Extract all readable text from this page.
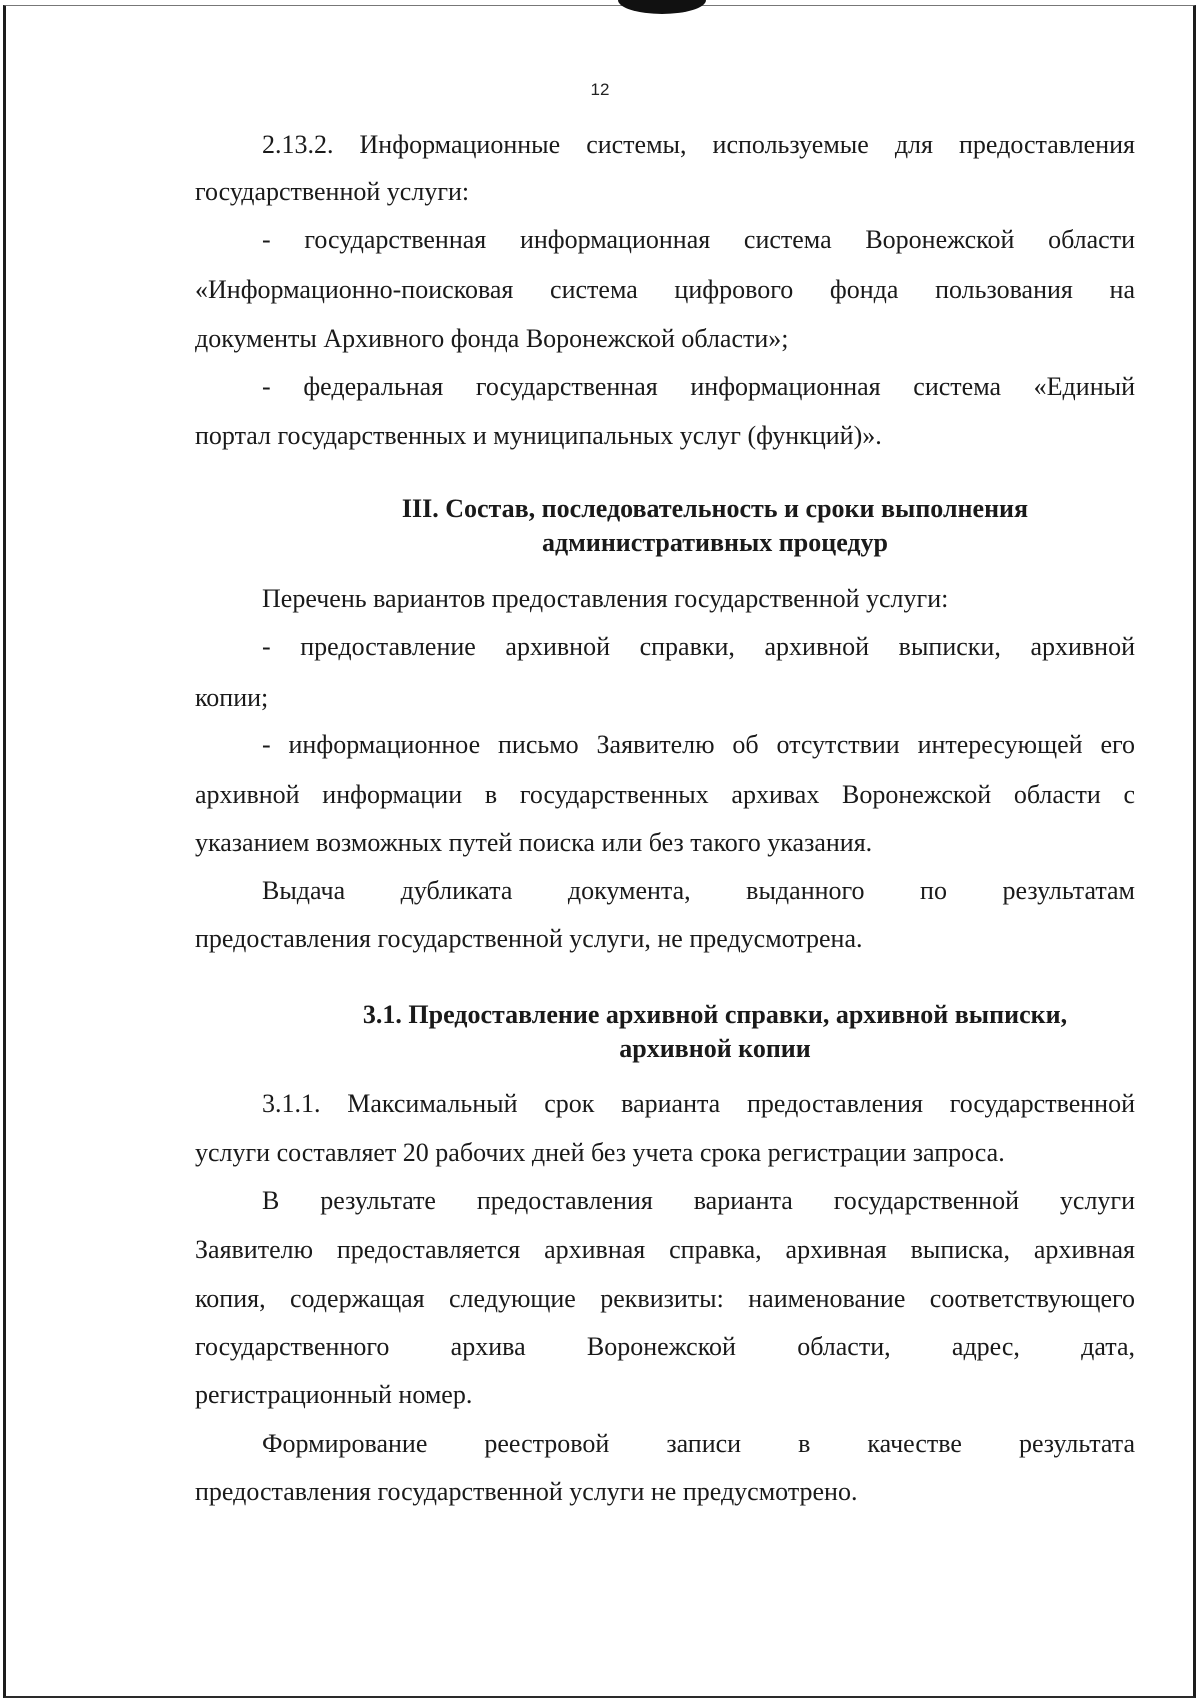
12
2.13.2. Информационные системы, используемые для предоставления
государственной услуги:
- государственная информационная система Воронежской области
«Информационно-поисковая система цифрового фонда пользования на
документы Архивного фонда Воронежской области»;
- федеральная государственная информационная система «Единый
портал государственных и муниципальных услуг (функций)».
III. Состав, последовательность и сроки выполнения
административных процедур
Перечень вариантов предоставления государственной услуги:
- предоставление архивной справки, архивной выписки, архивной
копии;
- информационное письмо Заявителю об отсутствии интересующей его
архивной информации в государственных архивах Воронежской области с
указанием возможных путей поиска или без такого указания.
Выдача дубликата документа, выданного по результатам
предоставления государственной услуги, не предусмотрена.
3.1. Предоставление архивной справки, архивной выписки,
архивной копии
3.1.1. Максимальный срок варианта предоставления государственной
услуги составляет 20 рабочих дней без учета срока регистрации запроса.
В результате предоставления варианта государственной услуги
Заявителю предоставляется архивная справка, архивная выписка, архивная
копия, содержащая следующие реквизиты: наименование соответствующего
государственного архива Воронежской области, адрес, дата,
регистрационный номер.
Формирование реестровой записи в качестве результата
предоставления государственной услуги не предусмотрено.
